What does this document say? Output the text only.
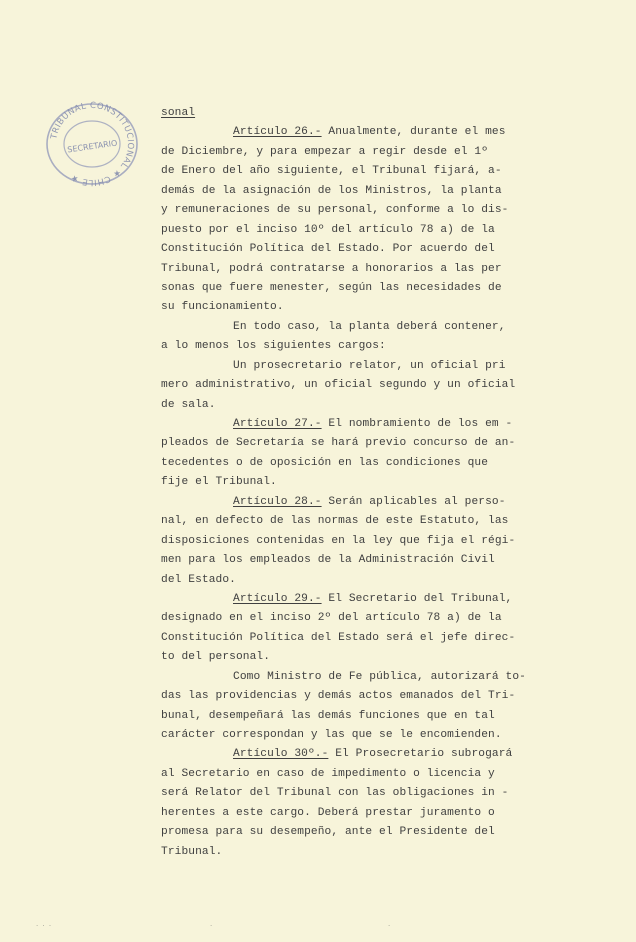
TRIBUNAL CONSTITUCIONAL ★ CHILE ★
SECRETARIO
sonal
Artículo 26.- Anualmente, durante el mes
de Diciembre, y para empezar a regir desde el 1º
de Enero del año siguiente, el Tribunal fijará, a-
demás de la asignación de los Ministros, la planta
y remuneraciones de su personal, conforme a lo dis-
puesto por el inciso 10º del artículo 78 a) de la
Constitución Política del Estado. Por acuerdo del
Tribunal, podrá contratarse a honorarios a las per
sonas que fuere menester, según las necesidades de
su funcionamiento.
En todo caso, la planta deberá contener,
a lo menos los siguientes cargos:
Un prosecretario relator, un oficial pri
mero administrativo, un oficial segundo y un oficial
de sala.
Artículo 27.- El nombramiento de los em -
pleados de Secretaría se hará previo concurso de an-
tecedentes o de oposición en las condiciones que
fije el Tribunal.
Artículo 28.- Serán aplicables al perso-
nal, en defecto de las normas de este Estatuto, las
disposiciones contenidas en la ley que fija el régi-
men para los empleados de la Administración Civil
del Estado.
Artículo 29.- El Secretario del Tribunal,
designado en el inciso 2º del artículo 78 a) de la
Constitución Política del Estado será el jefe direc-
to del personal.
Como Ministro de Fe pública, autorizará to-
das las providencias y demás actos emanados del Tri-
bunal, desempeñará las demás funciones que en tal
carácter correspondan y las que se le encomienden.
Artículo 30º.- El Prosecretario subrogará
al Secretario en caso de impedimento o licencia y
será Relator del Tribunal con las obligaciones in -
herentes a este cargo. Deberá prestar juramento o
promesa para su desempeño, ante el Presidente del
Tribunal.
‧ ‧ ‧	‧	‧
